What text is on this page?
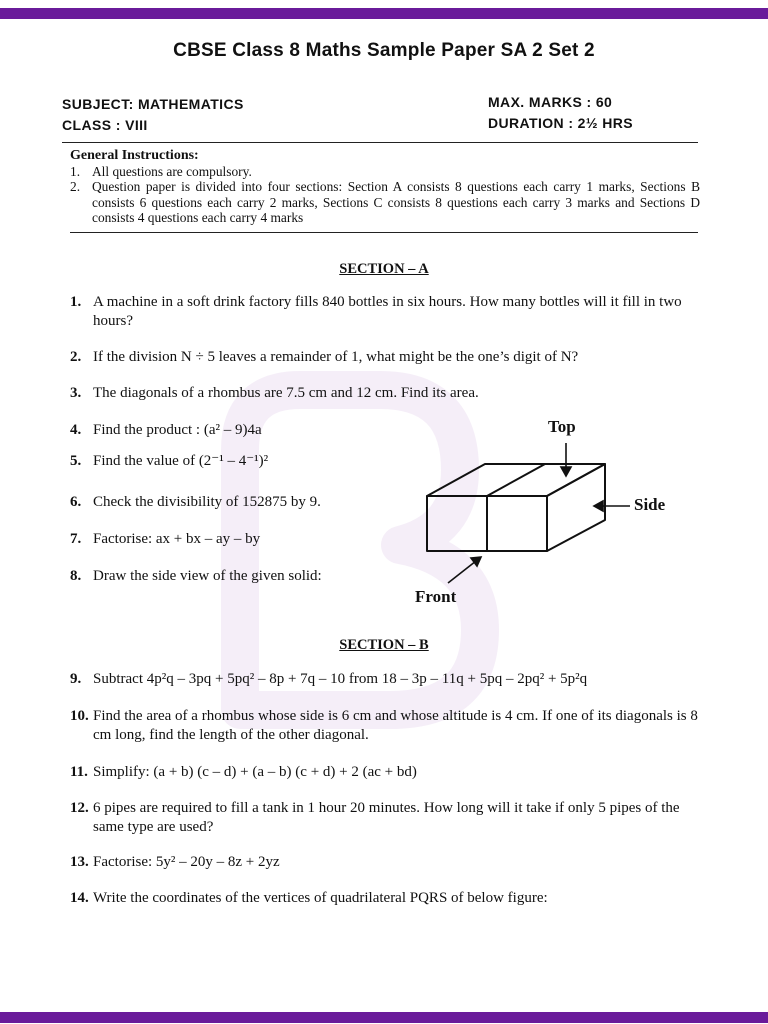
CBSE Class 8 Maths Sample Paper SA 2 Set 2
SUBJECT: MATHEMATICS
CLASS : VIII
MAX. MARKS : 60
DURATION : 2½ HRS
General Instructions:
1. All questions are compulsory.
2. Question paper is divided into four sections: Section A consists 8 questions each carry 1 marks, Sections B consists 6 questions each carry 2 marks, Sections C consists 8 questions each carry 3 marks and Sections D consists 4 questions each carry 4 marks
SECTION – A
1. A machine in a soft drink factory fills 840 bottles in six hours. How many bottles will it fill in two hours?
2. If the division N ÷ 5 leaves a remainder of 1, what might be the one’s digit of N?
3. The diagonals of a rhombus are 7.5 cm and 12 cm. Find its area.
4. Find the product : (a² – 9)4a
5. Find the value of (2⁻¹ – 4⁻¹)²
6. Check the divisibility of 152875 by 9.
7. Factorise: ax + bx – ay – by
8. Draw the side view of the given solid:
Top
Side
Front
SECTION – B
9. Subtract 4p²q – 3pq + 5pq² – 8p + 7q – 10 from 18 – 3p – 11q + 5pq – 2pq² + 5p²q
10. Find the area of a rhombus whose side is 6 cm and whose altitude is 4 cm. If one of its diagonals is 8 cm long, find the length of the other diagonal.
11. Simplify: (a + b) (c – d) + (a – b) (c + d) + 2 (ac + bd)
12. 6 pipes are required to fill a tank in 1 hour 20 minutes. How long will it take if only 5 pipes of the same type are used?
13. Factorise: 5y² – 20y – 8z + 2yz
14. Write the coordinates of the vertices of quadrilateral PQRS of below figure:
